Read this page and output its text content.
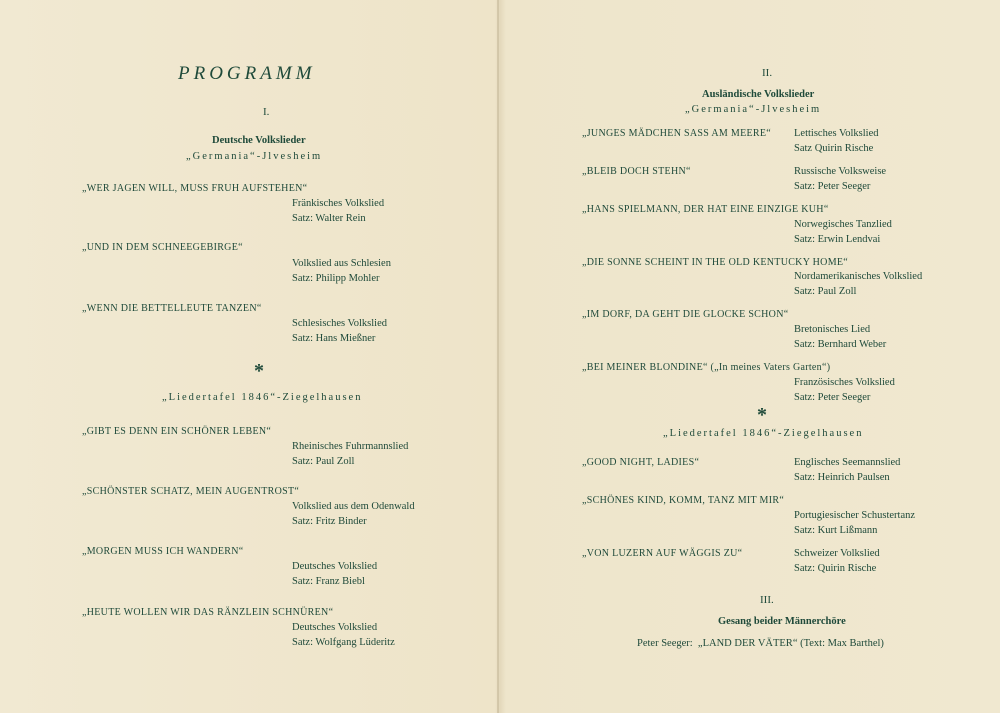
PROGRAMM
I.
Deutsche Volkslieder
„Germania“-Jlvesheim
„WER JAGEN WILL, MUSS FRUH AUFSTEHEN“
Fränkisches Volkslied
Satz: Walter Rein
„UND IN DEM SCHNEEGEBIRGE“
Volkslied aus Schlesien
Satz: Philipp Mohler
„WENN DIE BETTELLEUTE TANZEN“
Schlesisches Volkslied
Satz: Hans Mießner
*
„Liedertafel 1846“-Ziegelhausen
„GIBT ES DENN EIN SCHÖNER LEBEN“
Rheinisches Fuhrmannslied
Satz: Paul Zoll
„SCHÖNSTER SCHATZ, MEIN AUGENTROST“
Volkslied aus dem Odenwald
Satz: Fritz Binder
„MORGEN MUSS ICH WANDERN“
Deutsches Volkslied
Satz: Franz Biebl
„HEUTE WOLLEN WIR DAS RÄNZLEIN SCHNÜREN“
Deutsches Volkslied
Satz: Wolfgang Lüderitz
II.
Ausländische Volkslieder
„Germania“-Jlvesheim
„JUNGES MÄDCHEN SASS AM MEERE“ Lettisches Volkslied
Satz Quirin Rische
„BLEIB DOCH STEHN“	Russische Volksweise
Satz: Peter Seeger
„HANS SPIELMANN, DER HAT EINE EINZIGE KUH“
Norwegisches Tanzlied
Satz: Erwin Lendvai
„DIE SONNE SCHEINT IN THE OLD KENTUCKY HOME“
Nordamerikanisches Volkslied
Satz: Paul Zoll
„IM DORF, DA GEHT DIE GLOCKE SCHON“
Bretonisches Lied
Satz: Bernhard Weber
„BEI MEINER BLONDINE“ („In meines Vaters Garten“)
Französisches Volkslied
Satz: Peter Seeger
*
„Liedertafel 1846“-Ziegelhausen
„GOOD NIGHT, LADIES“	Englisches Seemannslied
Satz: Heinrich Paulsen
„SCHÖNES KIND, KOMM, TANZ MIT MIR“
Portugiesischer Schustertanz
Satz: Kurt Lißmann
„VON LUZERN AUF WÄGGIS ZU“	Schweizer Volkslied
Satz: Quirin Rische
III.
Gesang beider Männerchöre
Peter Seeger:  „LAND DER VÄTER“ (Text: Max Barthel)
